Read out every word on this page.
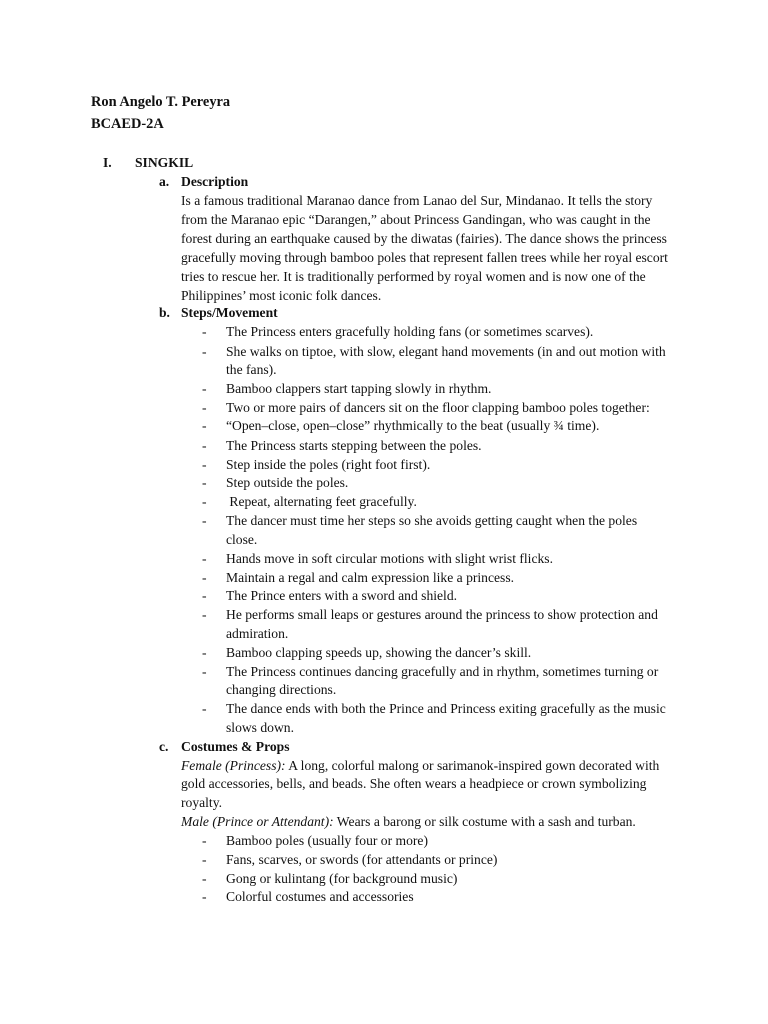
Ron Angelo T. Pereyra
BCAED-2A
I. SINGKIL
a. Description
Is a famous traditional Maranao dance from Lanao del Sur, Mindanao. It tells the story
from the Maranao epic “Darangen,” about Princess Gandingan, who was caught in the
forest during an earthquake caused by the diwatas (fairies). The dance shows the princess
gracefully moving through bamboo poles that represent fallen trees while her royal escort
tries to rescue her. It is traditionally performed by royal women and is now one of the
Philippines’ most iconic folk dances.
b. Steps/Movement
- The Princess enters gracefully holding fans (or sometimes scarves).
- She walks on tiptoe, with slow, elegant hand movements (in and out motion with
the fans).
- Bamboo clappers start tapping slowly in rhythm.
- Two or more pairs of dancers sit on the floor clapping bamboo poles together:
- “Open–close, open–close” rhythmically to the beat (usually ¾ time).
- The Princess starts stepping between the poles.
- Step inside the poles (right foot first).
- Step outside the poles.
- Repeat, alternating feet gracefully.
- The dancer must time her steps so she avoids getting caught when the poles
close.
- Hands move in soft circular motions with slight wrist flicks.
- Maintain a regal and calm expression like a princess.
- The Prince enters with a sword and shield.
- He performs small leaps or gestures around the princess to show protection and
admiration.
- Bamboo clapping speeds up, showing the dancer’s skill.
- The Princess continues dancing gracefully and in rhythm, sometimes turning or
changing directions.
- The dance ends with both the Prince and Princess exiting gracefully as the music
slows down.
c. Costumes & Props
Female (Princess): A long, colorful malong or sarimanok-inspired gown decorated with
gold accessories, bells, and beads. She often wears a headpiece or crown symbolizing
royalty.
Male (Prince or Attendant): Wears a barong or silk costume with a sash and turban.
- Bamboo poles (usually four or more)
- Fans, scarves, or swords (for attendants or prince)
- Gong or kulintang (for background music)
- Colorful costumes and accessories
